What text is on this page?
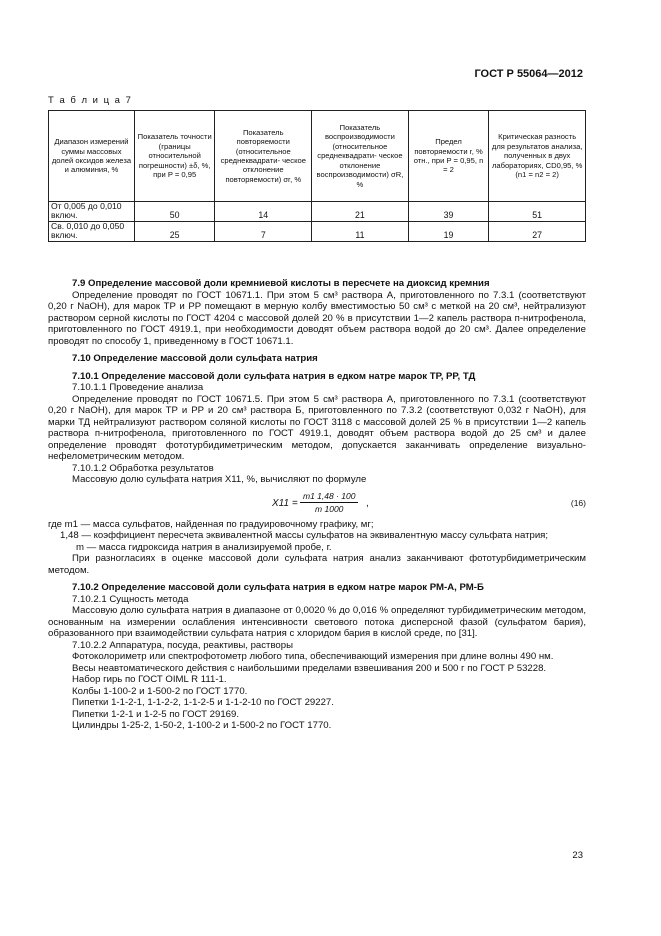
ГОСТ Р 55064—2012
Т а б л и ц а 7
Диапазон измерений суммы массовых долей оксидов железа и алюминия, %	Показатель точности (границы относительной погрешности) ±δ, %, при P = 0,95	Показатель повторяемости (относительное среднеквадрати- ческое отклонение повторяемости) σr, %	Показатель воспроизводимости (относительное среднеквадрати- ческое отклонение воспроизводимости) σR, %	Предел повторяемости r, % отн., при P = 0,95, n = 2	Критическая разность для результатов анализа, полученных в двух лабораториях, CD0,95, % (n1 = n2 = 2)
От 0,005 до 0,010 включ.	50	14	21	39	51
Св. 0,010 до 0,050 включ.	25	7	11	19	27

7.9 Определение массовой доли кремниевой кислоты в пересчете на диоксид кремния

Определение проводят по ГОСТ 10671.1. При этом 5 см³ раствора А, приготовленного по 7.3.1 (соответствуют 0,20 г NaOH), для марок ТР и РР помещают в мерную колбу вместимостью 50 см³ с меткой на 20 см³, нейтрализуют раствором серной кислоты по ГОСТ 4204 с массовой долей 20 % в присутствии 1—2 капель раствора п-нитрофенола, приготовленного по ГОСТ 4919.1, при необходимости доводят объем раствора водой до 20 см³. Далее определение проводят по способу 1, приведенному в ГОСТ 10671.1.

7.10 Определение массовой доли сульфата натрия

7.10.1 Определение массовой доли сульфата натрия в едком натре марок ТР, РР, ТД

7.10.1.1 Проведение анализа

Определение проводят по ГОСТ 10671.5. При этом 5 см³ раствора А, приготовленного по 7.3.1 (соответствуют 0,20 г NaOH), для марок ТР и РР и 20 см³ раствора Б, приготовленного по 7.3.2 (соответствуют 0,032 г NaOH), для марки ТД нейтрализуют раствором соляной кислоты по ГОСТ 3118 с массовой долей 25 % в присутствии 1—2 капель раствора п-нитрофенола, приготовленного по ГОСТ 4919.1, доводят объем раствора водой до 25 см³ и далее определение проводят фототурбидиметрическим методом, допускается заканчивать определение визуально-нефелометрическим методом.

7.10.1.2 Обработка результатов

Массовую долю сульфата натрия X11, %, вычисляют по формуле

$X11 = \frac{m1 1,48 \cdot 100}{m 1000}$ ,	(16)

где m1 — масса сульфатов, найденная по градуировочному графику, мг;

1,48 — коэффициент пересчета эквивалентной массы сульфатов на эквивалентную массу сульфата натрия;

m — масса гидроксида натрия в анализируемой пробе, г.

При разногласиях в оценке массовой доли сульфата натрия анализ заканчивают фототурбидиметрическим методом.

7.10.2 Определение массовой доли сульфата натрия в едком натре марок РМ-А, РМ-Б

7.10.2.1 Сущность метода

Массовую долю сульфата натрия в диапазоне от 0,0020 % до 0,016 % определяют турбидиметрическим методом, основанным на измерении ослабления интенсивности светового потока дисперсной фазой (сульфатом бария), образованного при взаимодействии сульфата натрия с хлоридом бария в кислой среде, по [31].

7.10.2.2 Аппаратура, посуда, реактивы, растворы

Фотоколориметр или спектрофотометр любого типа, обеспечивающий измерения при длине волны 490 нм.

Весы неавтоматического действия с наибольшими пределами взвешивания 200 и 500 г по ГОСТ Р 53228.

Набор гирь по ГОСТ OIML R 111-1.

Колбы 1-100-2 и 1-500-2 по ГОСТ 1770.

Пипетки 1-1-2-1, 1-1-2-2, 1-1-2-5 и 1-1-2-10 по ГОСТ 29227.

Пипетки 1-2-1 и 1-2-5 по ГОСТ 29169.

Цилиндры 1-25-2, 1-50-2, 1-100-2 и 1-500-2 по ГОСТ 1770.

23
